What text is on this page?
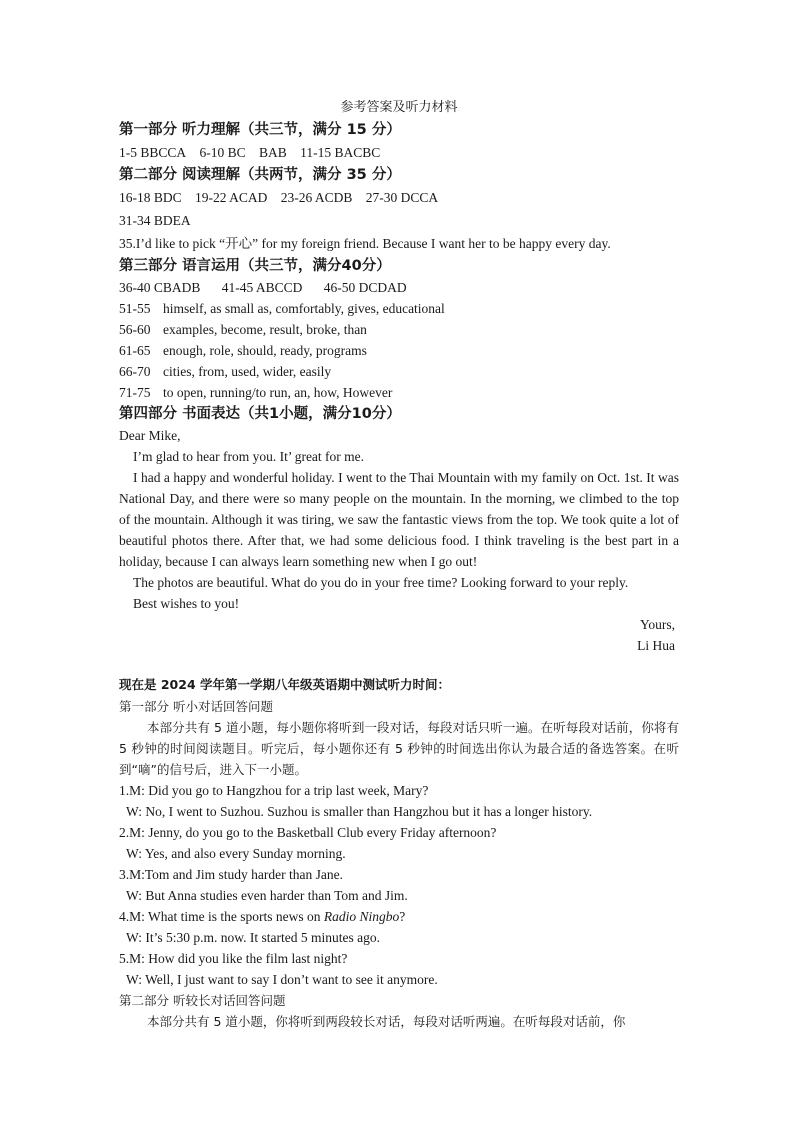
参考答案及听力材料

第一部分 听力理解（共三节，满分 15 分）

1-5 BBCCA 6-10 BC BAB 11-15 BACBC

第二部分 阅读理解（共两节，满分 35 分）

16-18 BDC 19-22 ACAD 23-26 ACDB 27-30 DCCA

31-34 BDEA

35.I’d like to pick “开心” for my foreign friend. Because I want her to be happy every day.

第三部分 语言运用（共三节，满分40分）

36-40 CBADB 41-45 ABCCD 46-50 DCDAD

51-55 himself, as small as, comfortably, gives, educational
56-60 examples, become, result, broke, than
61-65 enough, role, should, ready, programs
66-70 cities, from, used, wider, easily
71-75 to open, running/to run, an, how, However

第四部分 书面表达（共1小题，满分10分）

Dear Mike,

I’m glad to hear from you. It’ great for me.

I had a happy and wonderful holiday. I went to the Thai Mountain with my family on Oct. 1st. It was National Day, and there were so many people on the mountain. In the morning, we climbed to the top of the mountain. Although it was tiring, we saw the fantastic views from the top. We took quite a lot of beautiful photos there. After that, we had some delicious food. I think traveling is the best part in a holiday, because I can always learn something new when I go out!

The photos are beautiful. What do you do in your free time? Looking forward to your reply.

Best wishes to you!

Yours,

Li Hua

现在是 2024 学年第一学期八年级英语期中测试听力时间：

第一部分 听小对话回答问题

本部分共有 5 道小题，每小题你将听到一段对话，每段对话只听一遍。在听每段对话前，你将有 5 秒钟的时间阅读题目。听完后，每小题你还有 5 秒钟的时间选出你认为最合适的备选答案。在听到“嘀”的信号后，进入下一小题。

1.M: Did you go to Hangzhou for a trip last week, Mary?

W: No, I went to Suzhou. Suzhou is smaller than Hangzhou but it has a longer history.

2.M: Jenny, do you go to the Basketball Club every Friday afternoon?

W: Yes, and also every Sunday morning.

3.M:Tom and Jim study harder than Jane.

W: But Anna studies even harder than Tom and Jim.

4.M: What time is the sports news on Radio Ningbo?

W: It’s 5:30 p.m. now. It started 5 minutes ago.

5.M: How did you like the film last night?

W: Well, I just want to say I don’t want to see it anymore.

第二部分 听较长对话回答问题

本部分共有 5 道小题，你将听到两段较长对话，每段对话听两遍。在听每段对话前，你
